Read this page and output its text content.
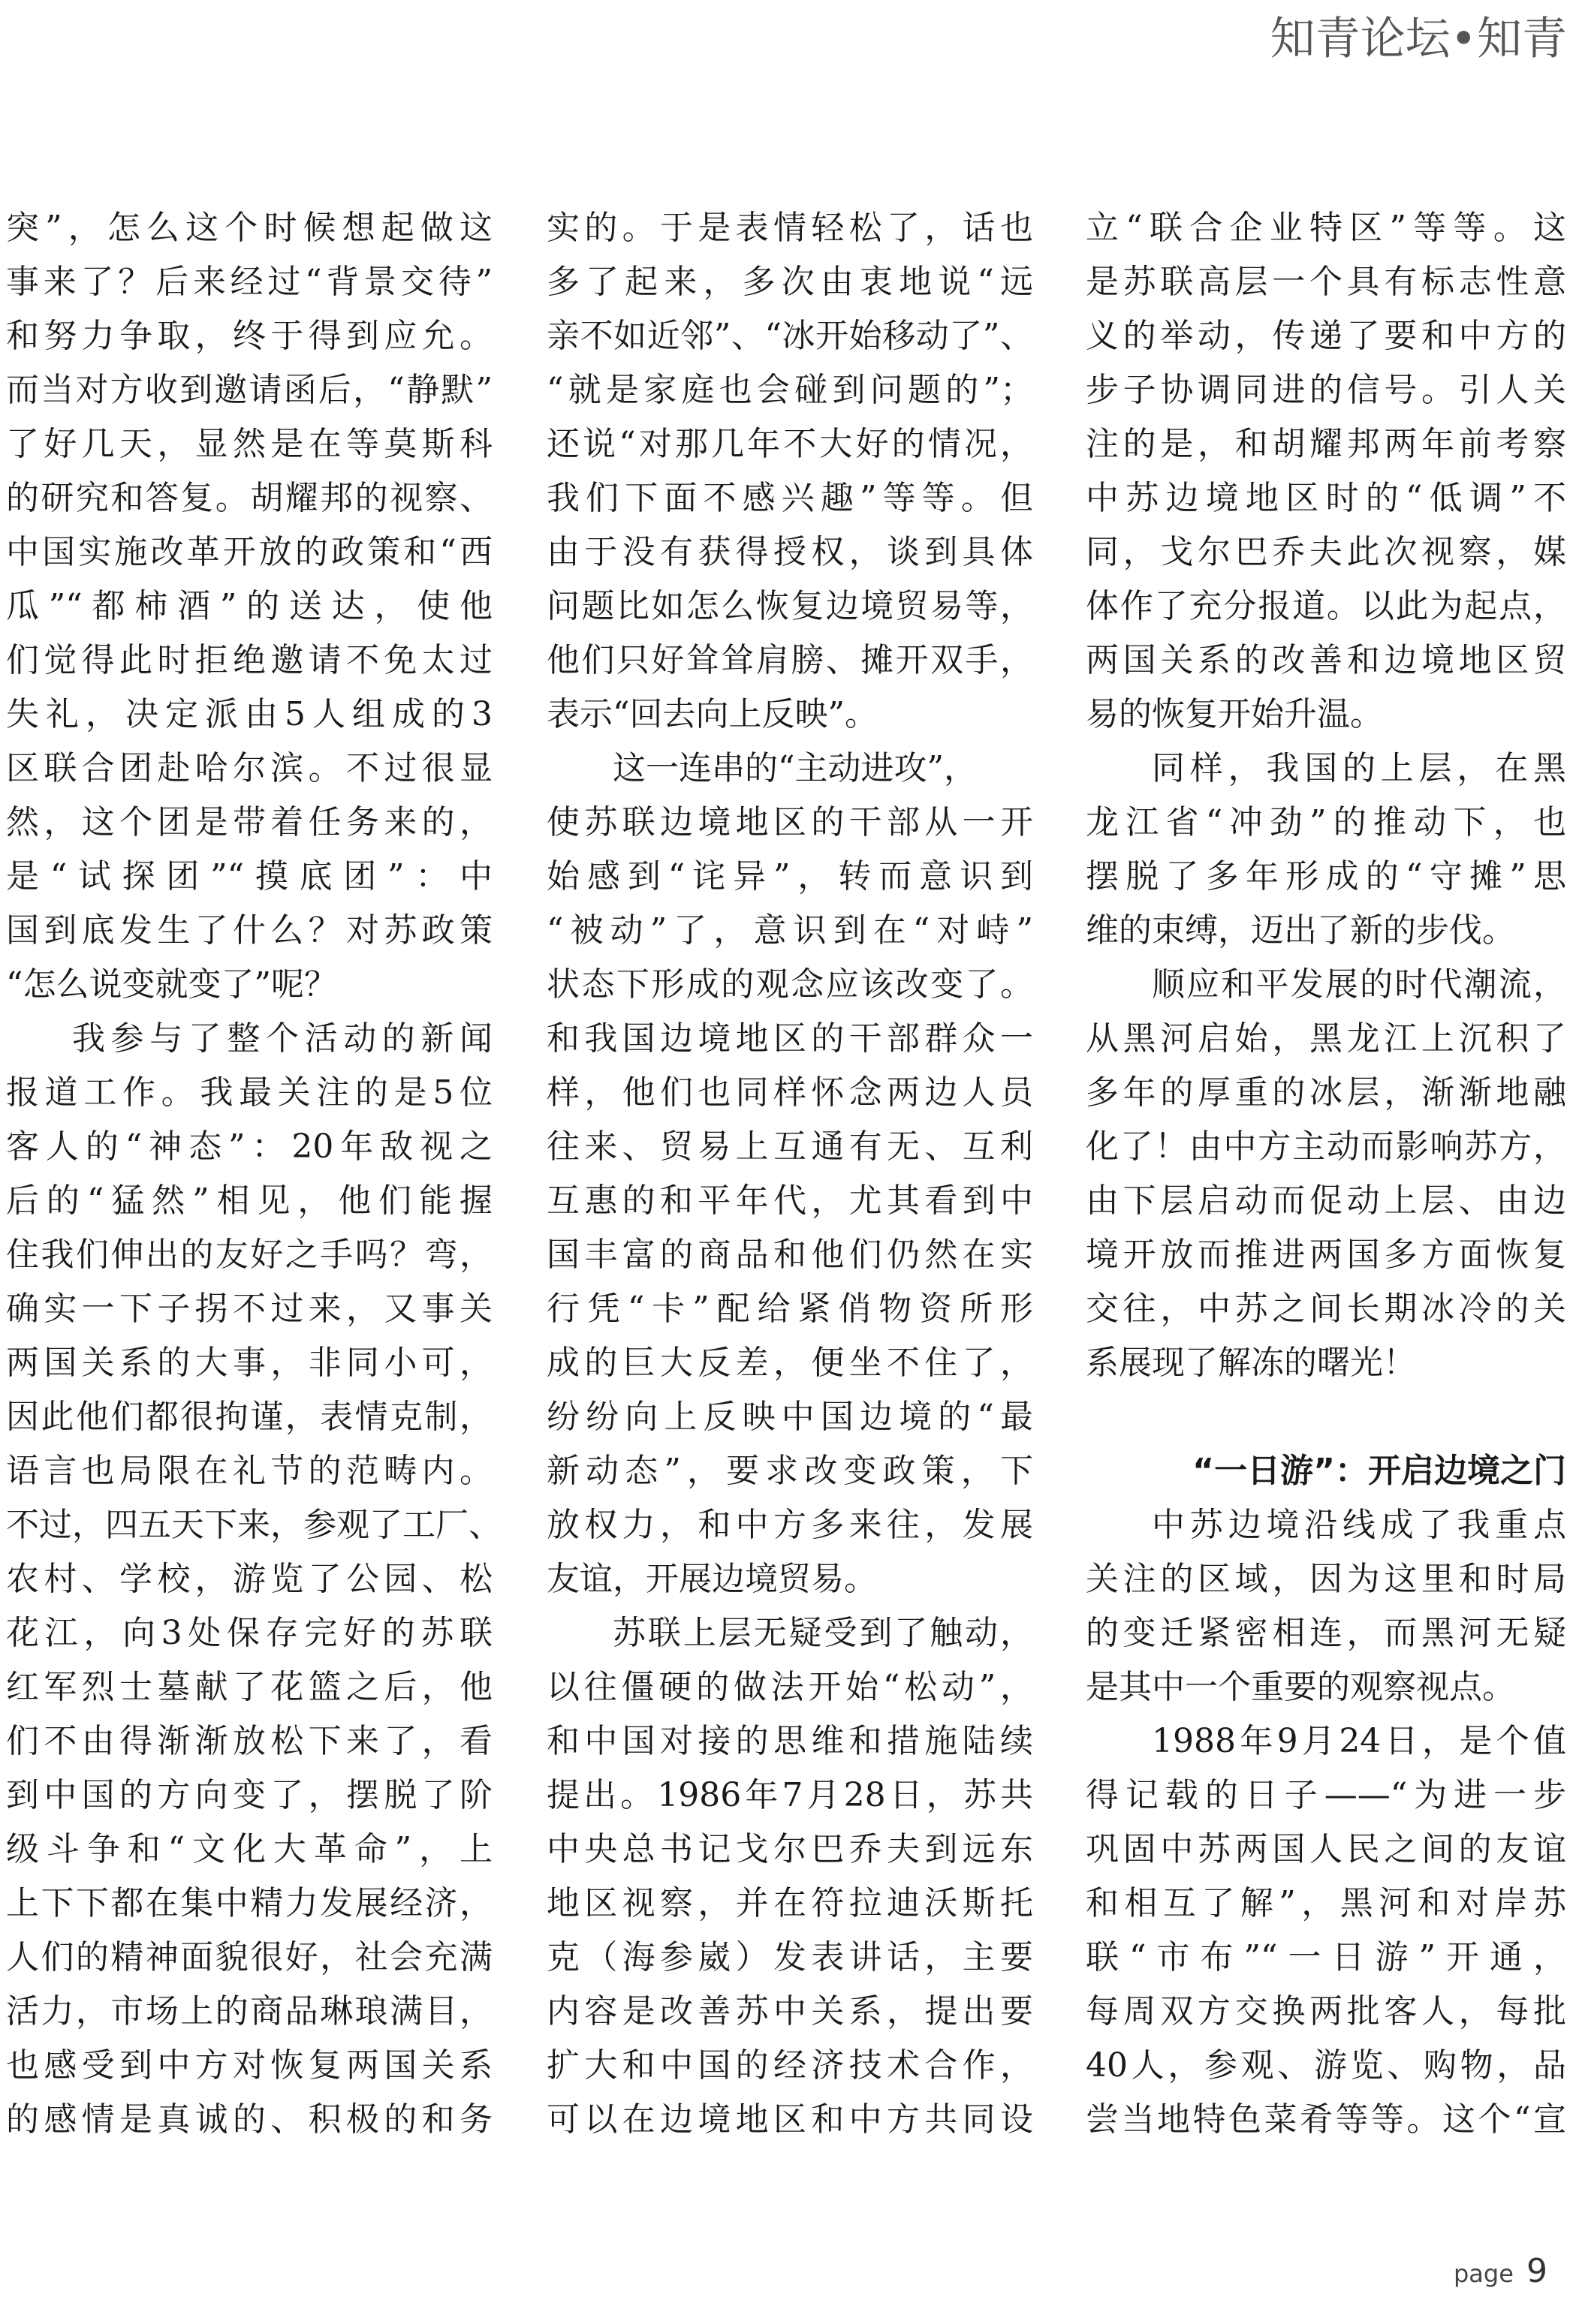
知青论坛•知青
突”，怎么这个时候想起做这
事来了？后来经过“背景交待”
和努力争取，终于得到应允。
而当对方收到邀请函后，“静默”
了好几天，显然是在等莫斯科
的研究和答复。胡耀邦的视察、
中国实施改革开放的政策和“西
瓜”“都柿酒”的送达，使他
们觉得此时拒绝邀请不免太过
失礼，决定派由5人组成的3
区联合团赴哈尔滨。不过很显
然，这个团是带着任务来的，
是“试探团”“摸底团”：中
国到底发生了什么？对苏政策
“怎么说变就变了”呢？
我参与了整个活动的新闻
报道工作。我最关注的是5位
客人的“神态”：20年敌视之
后的“猛然”相见，他们能握
住我们伸出的友好之手吗？弯，
确实一下子拐不过来，又事关
两国关系的大事，非同小可，
因此他们都很拘谨，表情克制，
语言也局限在礼节的范畴内。
不过，四五天下来，参观了工厂、
农村、学校，游览了公园、松
花江，向3处保存完好的苏联
红军烈士墓献了花篮之后，他
们不由得渐渐放松下来了，看
到中国的方向变了，摆脱了阶
级斗争和“文化大革命”，上
上下下都在集中精力发展经济，
人们的精神面貌很好，社会充满
活力，市场上的商品琳琅满目，
也感受到中方对恢复两国关系
的感情是真诚的、积极的和务
实的。于是表情轻松了，话也
多了起来，多次由衷地说“远
亲不如近邻”、“冰开始移动了”、
“就是家庭也会碰到问题的”；
还说“对那几年不大好的情况，
我们下面不感兴趣”等等。但
由于没有获得授权，谈到具体
问题比如怎么恢复边境贸易等，
他们只好耸耸肩膀、摊开双手，
表示“回去向上反映”。
这一连串的“主动进攻”，
使苏联边境地区的干部从一开
始感到“诧异”，转而意识到
“被动”了，意识到在“对峙”
状态下形成的观念应该改变了。
和我国边境地区的干部群众一
样，他们也同样怀念两边人员
往来、贸易上互通有无、互利
互惠的和平年代，尤其看到中
国丰富的商品和他们仍然在实
行凭“卡”配给紧俏物资所形
成的巨大反差，便坐不住了，
纷纷向上反映中国边境的“最
新动态”，要求改变政策，下
放权力，和中方多来往，发展
友谊，开展边境贸易。
苏联上层无疑受到了触动，
以往僵硬的做法开始“松动”，
和中国对接的思维和措施陆续
提出。1986年7月28日，苏共
中央总书记戈尔巴乔夫到远东
地区视察，并在符拉迪沃斯托
克（海参崴）发表讲话，主要
内容是改善苏中关系，提出要
扩大和中国的经济技术合作，
可以在边境地区和中方共同设
立“联合企业特区”等等。这
是苏联高层一个具有标志性意
义的举动，传递了要和中方的
步子协调同进的信号。引人关
注的是，和胡耀邦两年前考察
中苏边境地区时的“低调”不
同，戈尔巴乔夫此次视察，媒
体作了充分报道。以此为起点，
两国关系的改善和边境地区贸
易的恢复开始升温。
同样，我国的上层，在黑
龙江省“冲劲”的推动下，也
摆脱了多年形成的“守摊”思
维的束缚，迈出了新的步伐。
顺应和平发展的时代潮流，
从黑河启始，黑龙江上沉积了
多年的厚重的冰层，渐渐地融
化了！由中方主动而影响苏方，
由下层启动而促动上层、由边
境开放而推进两国多方面恢复
交往，中苏之间长期冰冷的关
系展现了解冻的曙光！
“一日游”：开启边境之门
中苏边境沿线成了我重点
关注的区域，因为这里和时局
的变迁紧密相连，而黑河无疑
是其中一个重要的观察视点。
1988年9月24日，是个值
得记载的日子——“为进一步
巩固中苏两国人民之间的友谊
和相互了解”，黑河和对岸苏
联“市布”“一日游”开通，
每周双方交换两批客人，每批
40人，参观、游览、购物，品
尝当地特色菜肴等等。这个“宣
page 9
